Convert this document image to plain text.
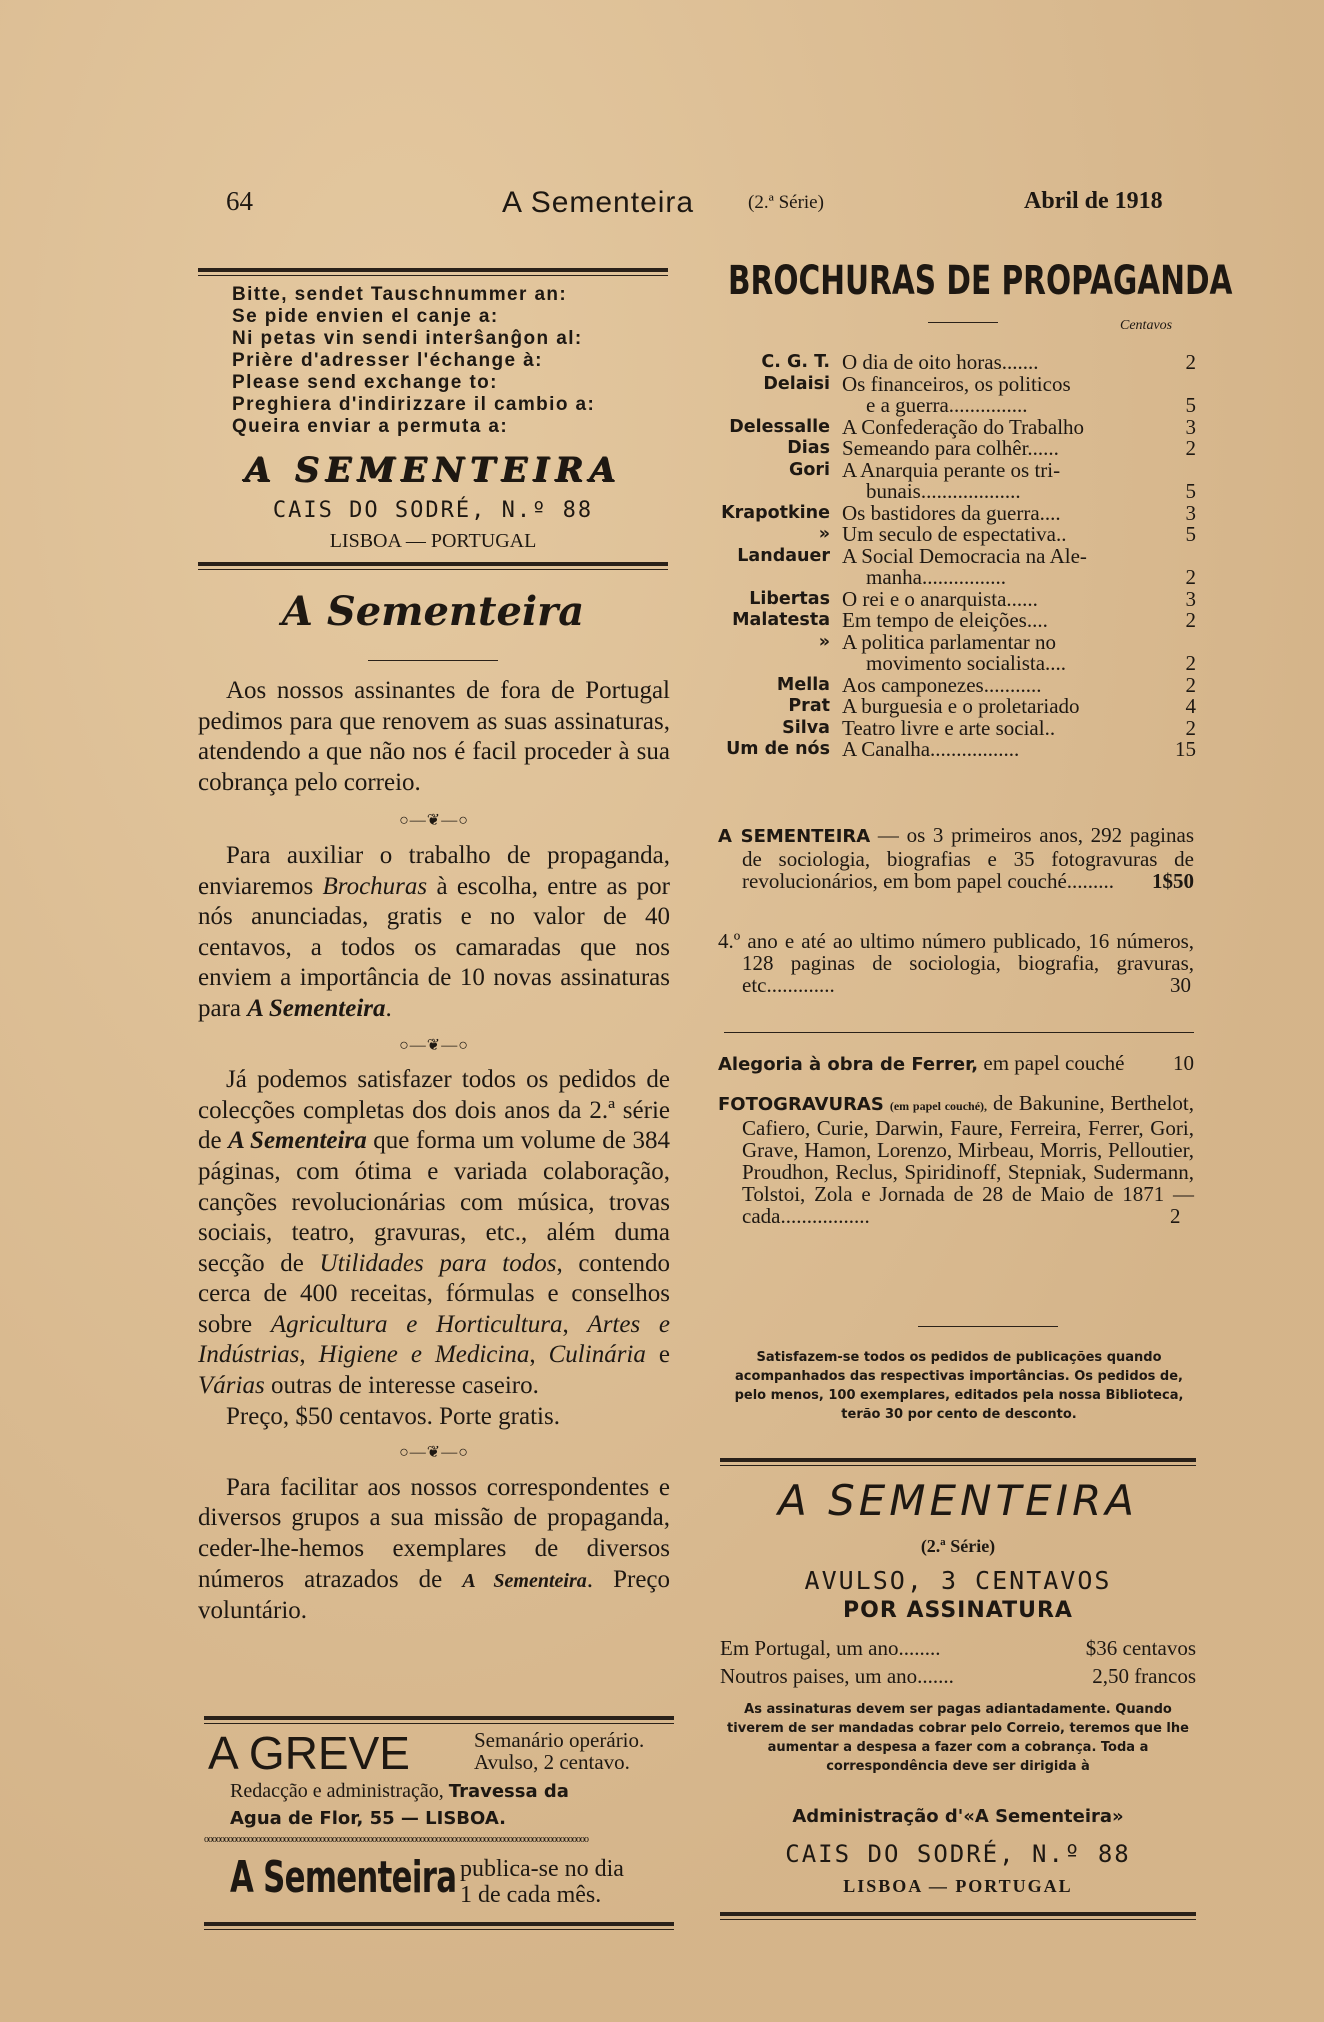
64	A Sementeira	(2.ª Série)	Abril de 1918
Bitte, sendet Tauschnummer an:
Se pide envien el canje a:
Ni petas vin sendi interŝanĝon al:
Prière d'adresser l'échange à:
Please send exchange to:
Preghiera d'indirizzare il cambio a:
Queira enviar a permuta a:
A SEMENTEIRA
CAIS DO SODRÉ, N.º 88
LISBOA — PORTUGAL
A Sementeira

Aos nossos assinantes de fora de Portugal pedimos para que renovem as suas assinaturas, atendendo a que não nos é facil proceder à sua cobrança pelo correio.

○—❦—○

Para auxiliar o trabalho de propaganda, enviaremos Brochuras à escolha, entre as por nós anunciadas, gratis e no valor de 40 centavos, a todos os camaradas que nos enviem a importância de 10 novas assinaturas para A Sementeira.

○—❦—○

Já podemos satisfazer todos os pedidos de colecções completas dos dois anos da 2.ª série de A Sementeira que forma um volume de 384 páginas, com ótima e variada colaboração, canções revolucionárias com música, trovas sociais, teatro, gravuras, etc., além duma secção de Utilidades para todos, contendo cerca de 400 receitas, fórmulas e conselhos sobre Agricultura e Horticultura, Artes e Indústrias, Higiene e Medicina, Culinária e Várias outras de interesse caseiro.

Preço, $50 centavos. Porte gratis.

○—❦—○

Para facilitar aos nossos correspondentes e diversos grupos a sua missão de propaganda, ceder-lhe-hemos exemplares de diversos números atrazados de A Sementeira. Preço voluntário.

A GREVE	Semanário operário.
Avulso, 2 centavo.
Redacção e administração, Travessa da
Agua de Flor, 55 — LISBOA.
oooooooooooooooooooooooooooooooooooooooooooooooooooooooooooooooooooooooooooooooooooooooooooooooo
A Sementeira publica-se no dia
1 de cada mês.
BROCHURAS DE PROPAGANDA
Centavos
C. G. T.	O dia de oito horas.......	2
Delaisi	Os financeiros, os politicos
e a guerra...............	5
Delessalle	A Confederação do Trabalho	3
Dias	Semeando para colhêr......	2
Gori	A Anarquia perante os tri-
bunais...................	5
Krapotkine	Os bastidores da guerra....	3
»	Um seculo de espectativa..	5
Landauer	A Social Democracia na Ale-
manha................	2
Libertas	O rei e o anarquista......	3
Malatesta	Em tempo de eleições....	2
»	A politica parlamentar no
movimento socialista....	2
Mella	Aos camponezes...........	2
Prat	A burguesia e o proletariado	4
Silva	Teatro livre e arte social..	2
Um de nós	A Canalha.................	15
A SEMENTEIRA — os 3 primeiros anos, 292 paginas de sociologia, biografias e 35 fotogravuras de revolucionários, em bom papel couché......... 1$50
4.º ano e até ao ultimo número publicado, 16 números, 128 paginas de sociologia, biografia, gravuras, etc.............	30
Alegoria à obra de Ferrer, em papel couché 10
FOTOGRAVURAS (em papel couché), de Bakunine, Berthelot, Cafiero, Curie, Darwin, Faure, Ferreira, Ferrer, Gori, Grave, Hamon, Lorenzo, Mirbeau, Morris, Pelloutier, Proudhon, Reclus, Spiridinoff, Stepniak, Sudermann, Tolstoi, Zola e Jornada de 28 de Maio de 1871 — cada.................	2
Satisfazem-se todos os pedidos de publicações quando acompanhados das respectivas importâncias. Os pedidos de, pelo menos, 100 exemplares, editados pela nossa Biblioteca, terão 30 por cento de desconto.
A SEMENTEIRA
(2.ª Série)
AVULSO, 3 CENTAVOS
POR ASSINATURA
Em Portugal, um ano........	$36 centavos
Noutros paises, um ano.......	2,50 francos
As assinaturas devem ser pagas adiantadamente. Quando tiverem de ser mandadas cobrar pelo Correio, teremos que lhe aumentar a despesa a fazer com a cobrança. Toda a correspondência deve ser dirigida à
Administração d'«A Sementeira»
CAIS DO SODRÉ, N.º 88
LISBOA — PORTUGAL
